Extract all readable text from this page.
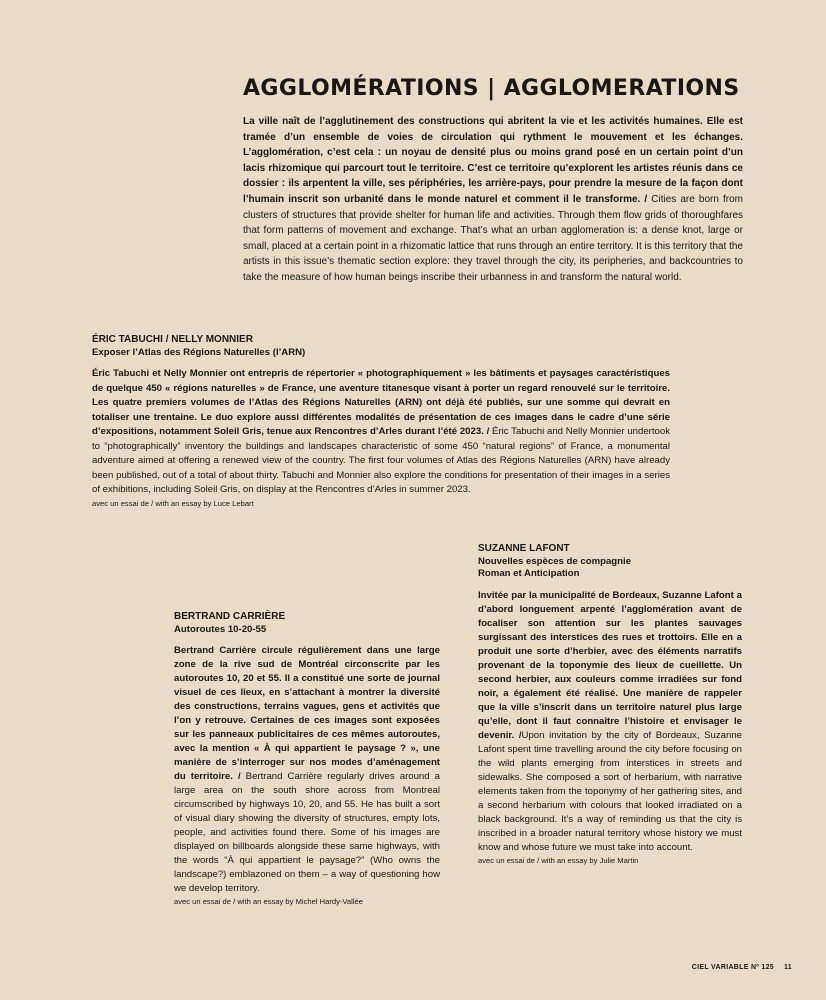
AGGLOMÉRATIONS | AGGLOMERATIONS

La ville naît de l’agglutinement des constructions qui abritent la vie et les activités humaines. Elle est tramée d’un ensemble de voies de circulation qui rythment le mouvement et les échanges. L’agglomération, c’est cela : un noyau de densité plus ou moins grand posé en un certain point d’un lacis rhizomique qui parcourt tout le territoire. C’est ce territoire qu’explorent les artistes réunis dans ce dossier : ils arpentent la ville, ses périphéries, les arrière-pays, pour prendre la mesure de la façon dont l’humain inscrit son urbanité dans le monde naturel et comment il le transforme. / Cities are born from clusters of structures that provide shelter for human life and activities. Through them flow grids of thoroughfares that form patterns of movement and exchange. That’s what an urban agglomeration is: a dense knot, large or small, placed at a certain point in a rhizomatic lattice that runs through an entire territory. It is this territory that the artists in this issue’s thematic section explore: they travel through the city, its peripheries, and backcountries to take the measure of how human beings inscribe their urbanness in and transform the natural world.

ÉRIC TABUCHI / NELLY MONNIER
Exposer l’Atlas des Régions Naturelles (l’ARN)

Éric Tabuchi et Nelly Monnier ont entrepris de répertorier « photographiquement » les bâtiments et paysages caractéristiques de quelque 450 « régions naturelles » de France, une aventure titanesque visant à porter un regard renouvelé sur le territoire. Les quatre premiers volumes de l’Atlas des Régions Naturelles (ARN) ont déjà été publiés, sur une somme qui devrait en totaliser une trentaine. Le duo explore aussi différentes modalités de présentation de ces images dans le cadre d’une série d’expositions, notamment Soleil Gris, tenue aux Rencontres d’Arles durant l’été 2023. / Éric Tabuchi and Nelly Monnier undertook to “photographically” inventory the buildings and landscapes characteristic of some 450 “natural regions” of France, a monumental adventure aimed at offering a renewed view of the country. The first four volumes of Atlas des Régions Naturelles (ARN) have already been published, out of a total of about thirty. Tabuchi and Monnier also explore the conditions for presentation of their images in a series of exhibitions, including Soleil Gris, on display at the Rencontres d’Arles in summer 2023.

avec un essai de / with an essay by Luce Lebart
SUZANNE LAFONT
Nouvelles espèces de compagnie
Roman et Anticipation

Invitée par la municipalité de Bordeaux, Suzanne Lafont a d’abord longuement arpenté l’agglomération avant de focaliser son attention sur les plantes sauvages surgissant des interstices des rues et trottoirs. Elle en a produit une sorte d’herbier, avec des éléments narratifs provenant de la toponymie des lieux de cueillette. Un second herbier, aux couleurs comme irradiées sur fond noir, a également été réalisé. Une manière de rappeler que la ville s’inscrit dans un territoire naturel plus large qu’elle, dont il faut connaître l’histoire et envisager le devenir. /Upon invitation by the city of Bordeaux, Suzanne Lafont spent time travelling around the city before focusing on the wild plants emerging from interstices in streets and sidewalks. She composed a sort of herbarium, with narrative elements taken from the toponymy of her gathering sites, and a second herbarium with colours that looked irradiated on a black background. It’s a way of reminding us that the city is inscribed in a broader natural territory whose history we must know and whose future we must take into account.

avec un essai de / with an essay by Julie Martin
BERTRAND CARRIÈRE
Autoroutes 10-20-55

Bertrand Carrière circule régulièrement dans une large zone de la rive sud de Montréal circonscrite par les autoroutes 10, 20 et 55. Il a constitué une sorte de journal visuel de ces lieux, en s’attachant à montrer la diversité des constructions, terrains vagues, gens et activités que l’on y retrouve. Certaines de ces images sont exposées sur les panneaux publicitaires de ces mêmes autoroutes, avec la mention « À qui appartient le paysage ? », une manière de s’interroger sur nos modes d’aménagement du territoire. / Bertrand Carrière regularly drives around a large area on the south shore across from Montreal circumscribed by highways 10, 20, and 55. He has built a sort of visual diary showing the diversity of structures, empty lots, people, and activities found there. Some of his images are displayed on billboards alongside these same highways, with the words “À qui appartient le paysage?” (Who owns the landscape?) emblazoned on them – a way of questioning how we develop territory.

avec un essai de / with an essay by Michel Hardy-Vallée
CIEL VARIABLE Nº 125 11
